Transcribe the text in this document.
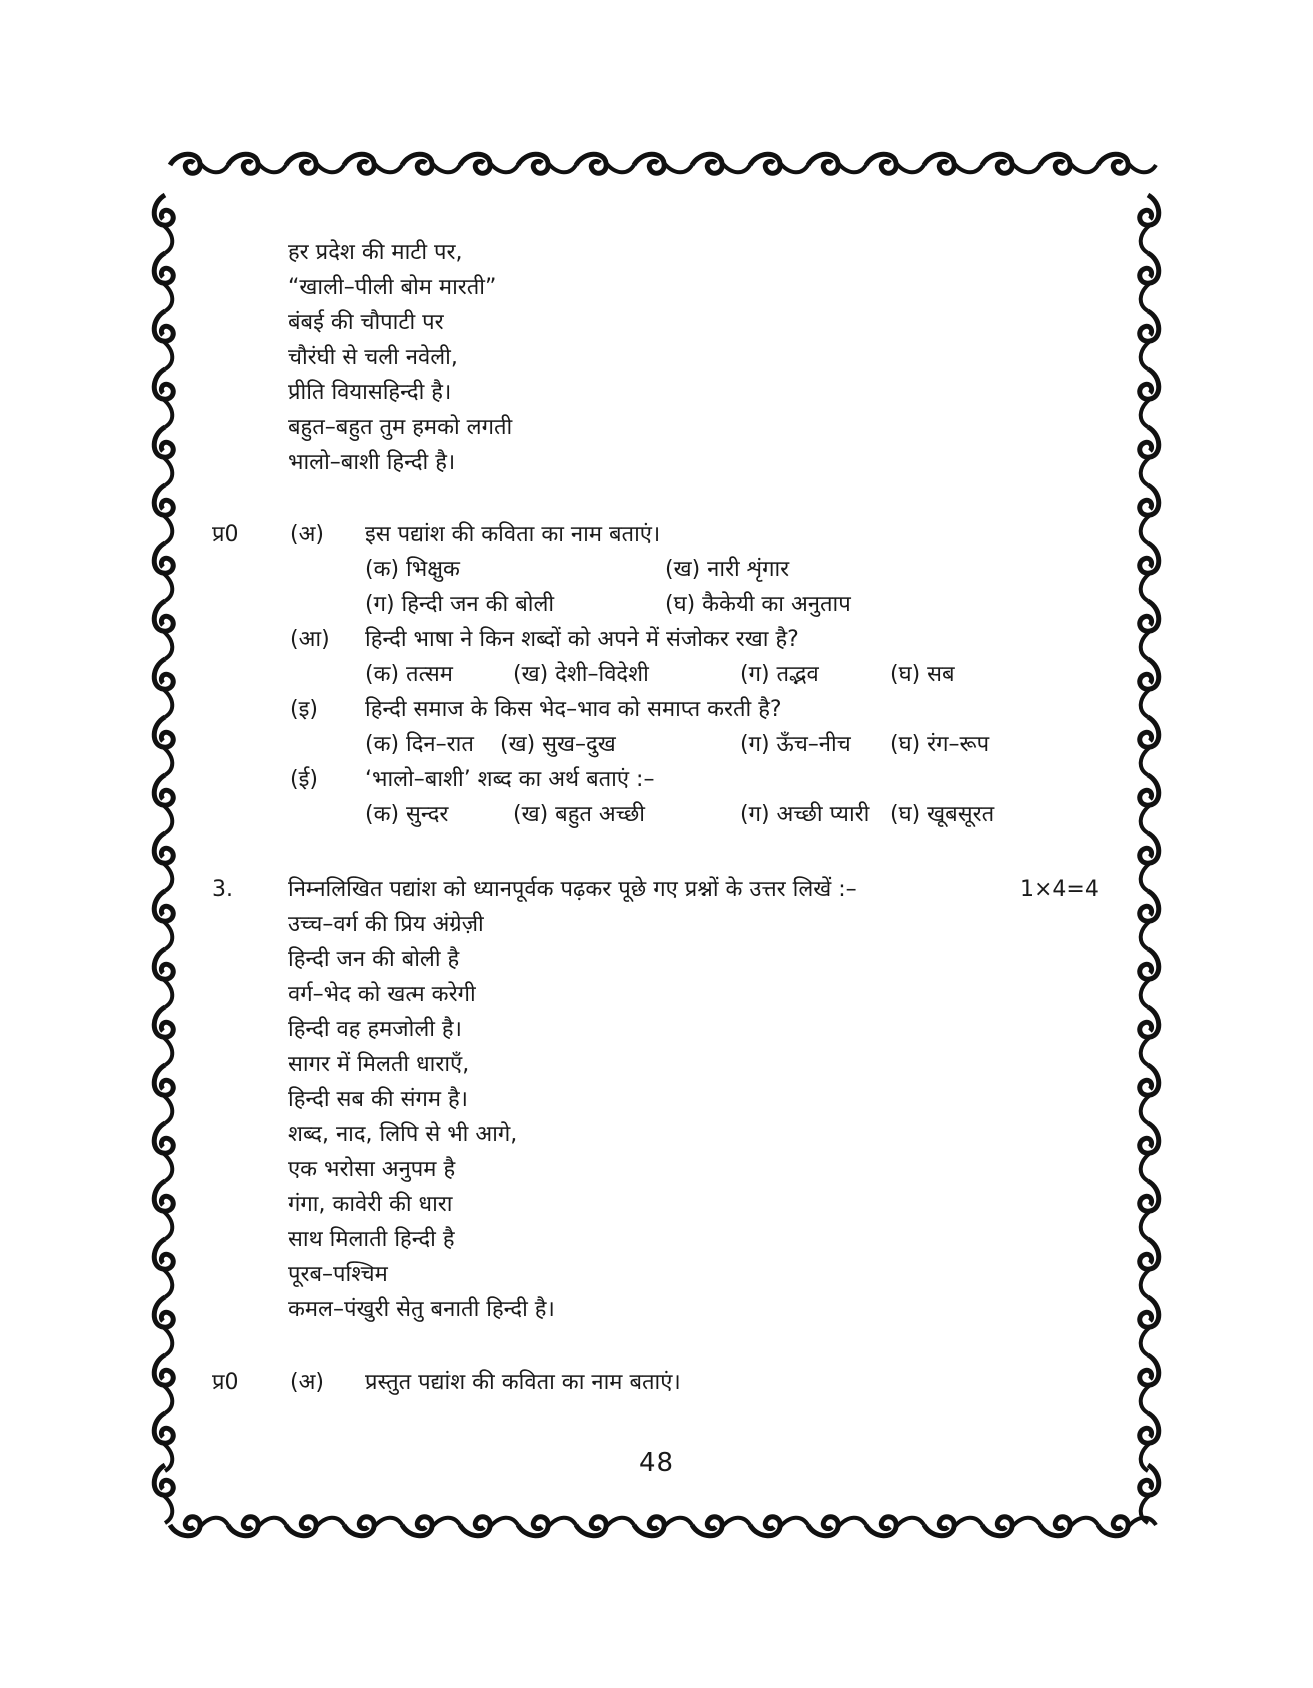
हर प्रदेश की माटी पर,
“खाली–पीली बोम मारती”
बंबई की चौपाटी पर
चौरंघी से चली नवेली,
प्रीति वियासहिन्दी है।
बहुत–बहुत तुम हमको लगती
भालो–बाशी हिन्दी है।
प्र0 (अ) इस पद्यांश की कविता का नाम बताएं।
(क) भिक्षुक	(ख) नारी शृंगार
(ग) हिन्दी जन की बोली	(घ) कैकेयी का अनुताप
(आ) हिन्दी भाषा ने किन शब्दों को अपने में संजोकर रखा है?
(क) तत्सम	(ख) देशी–विदेशी	(ग) तद्भव	(घ) सब
(इ) हिन्दी समाज के किस भेद–भाव को समाप्त करती है?
(क) दिन–रात (ख) सुख–दुख	(ग) ऊँच–नीच (घ) रंग–रूप
(ई) ‘भालो–बाशी’ शब्द का अर्थ बताएं :–
(क) सुन्दर	(ख) बहुत अच्छी	(ग) अच्छी प्यारी (घ) खूबसूरत
3.	निम्नलिखित पद्यांश को ध्यानपूर्वक पढ़कर पूछे गए प्रश्नों के उत्तर लिखें :–	1×4=4
उच्च–वर्ग की प्रिय अंग्रेज़ी
हिन्दी जन की बोली है
वर्ग–भेद को खत्म करेगी
हिन्दी वह हमजोली है।
सागर में मिलती धाराएँ,
हिन्दी सब की संगम है।
शब्द, नाद, लिपि से भी आगे,
एक भरोसा अनुपम है
गंगा, कावेरी की धारा
साथ मिलाती हिन्दी है
पूरब–पश्चिम
कमल–पंखुरी सेतु बनाती हिन्दी है।
प्र0 (अ) प्रस्तुत पद्यांश की कविता का नाम बताएं।
48
